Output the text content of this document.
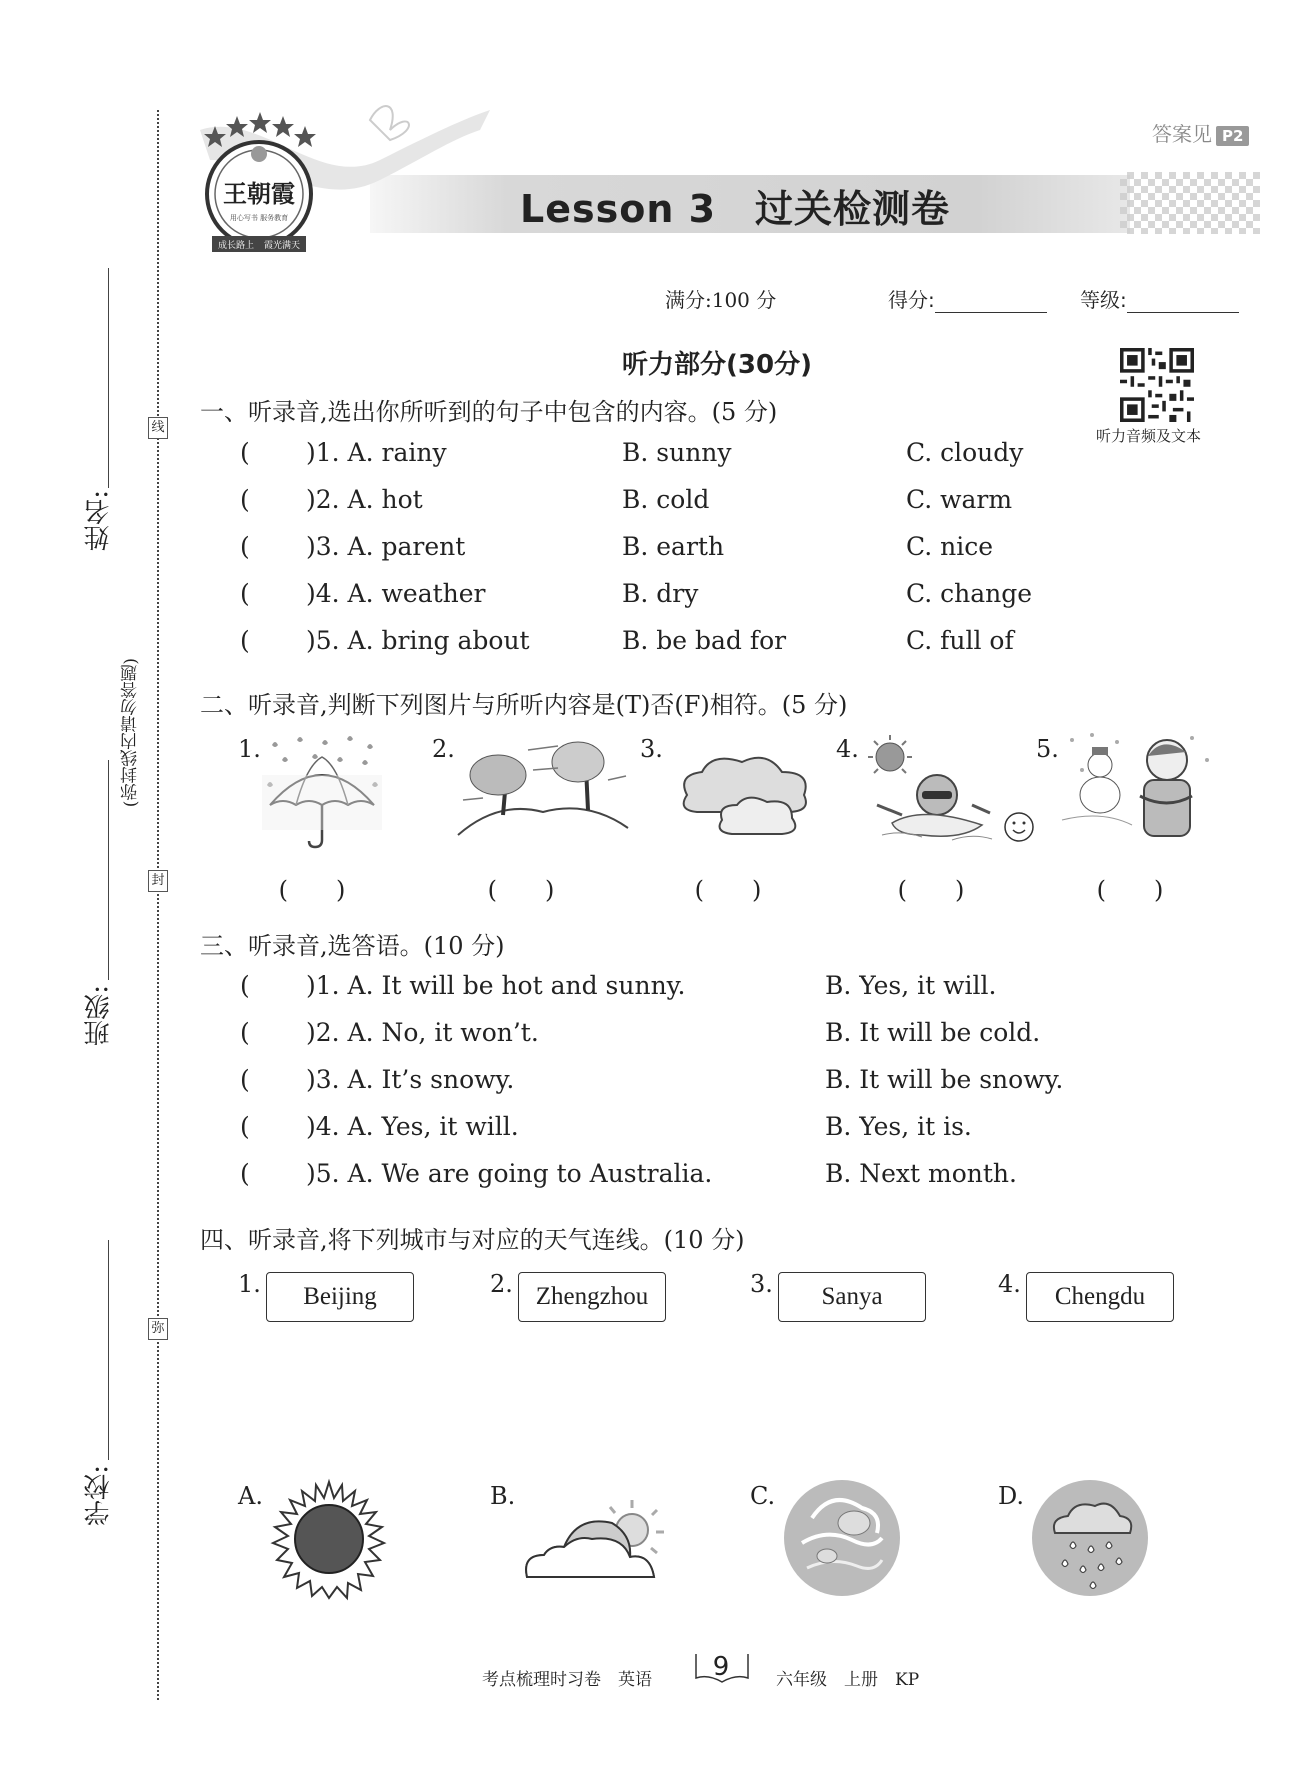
线
封
弥
(弥封线内请勿答题)
姓名:
班级:
学校:
王朝霞
用心写书 服务教育
成长路上 霞光满天
Lesson 3　过关检测卷
答案见 P2
满分:100 分	得分:	等级:
听力部分(30分)
听力音频及文本
一、听录音,选出你所听到的句子中包含的内容。(5 分)
( )1. A. rainy	B. sunny	C. cloudy
( )2. A. hot	B. cold	C. warm
( )3. A. parent	B. earth	C. nice
( )4. A. weather	B. dry	C. change
( )5. A. bring about	B. be bad for	C. full of
二、听录音,判断下列图片与所听内容是(T)否(F)相符。(5 分)
1.
(　　)
2.
(　　)
3.
(　　)
4.
(　　)
5.
(　　)
三、听录音,选答语。(10 分)
( )1. A. It will be hot and sunny.	B. Yes, it will.
( )2. A. No, it won’t.	B. It will be cold.
( )3. A. It’s snowy.	B. It will be snowy.
( )4. A. Yes, it will.	B. Yes, it is.
( )5. A. We are going to Australia.	B. Next month.
四、听录音,将下列城市与对应的天气连线。(10 分)
1.	Beijing	2. Zhengzhou	3.	Sanya	4.	Chengdu
A.	B.	C.	D.
考点梳理时习卷　英语	9	六年级　上册　KP
